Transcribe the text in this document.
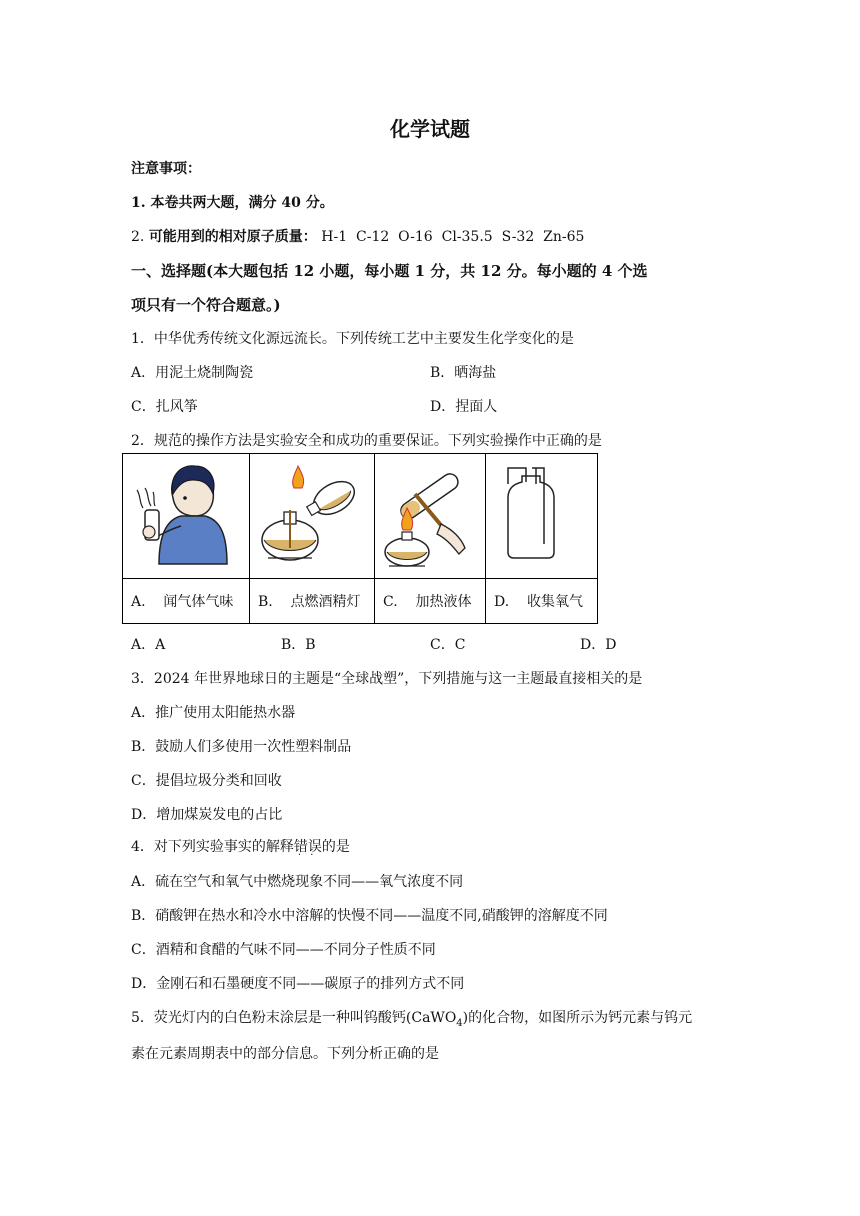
化学试题
注意事项：
1. 本卷共两大题，满分 40 分。
2. 可能用到的相对原子质量： H-1  C-12  O-16  Cl-35.5  S-32  Zn-65
一、选择题(本大题包括 12 小题，每小题 1 分，共 12 分。每小题的 4 个选
项只有一个符合题意。)
1．中华优秀传统文化源远流长。下列传统工艺中主要发生化学变化的是
A．用泥土烧制陶瓷	B．晒海盐
C．扎风筝	D．捏面人
2．规范的操作方法是实验安全和成功的重要保证。下列实验操作中正确的是

A.    闻气体气味	B.    点燃酒精灯	C.    加热液体	D.    收集氧气
A．A	B．B	C．C	D．D
3．2024 年世界地球日的主题是“全球战塑”，下列措施与这一主题最直接相关的是
A．推广使用太阳能热水器
B．鼓励人们多使用一次性塑料制品
C．提倡垃圾分类和回收
D．增加煤炭发电的占比
4．对下列实验事实的解释错误 · ·的是
A．硫在空气和氧气中燃烧现象不同——氧气浓度不同
B．硝酸钾在热水和冷水中溶解的快慢不同——温度不同,硝酸钾的溶解度不同
C．酒精和食醋的气味不同——不同分子性质不同
D．金刚石和石墨硬度不同——碳原子的排列方式不同
5．荧光灯内的白色粉末涂层是一种叫钨酸钙(CaWO$_4$)的化合物，如图所示为钙元素与钨元
素在元素周期表中的部分信息。下列分析正确的是
